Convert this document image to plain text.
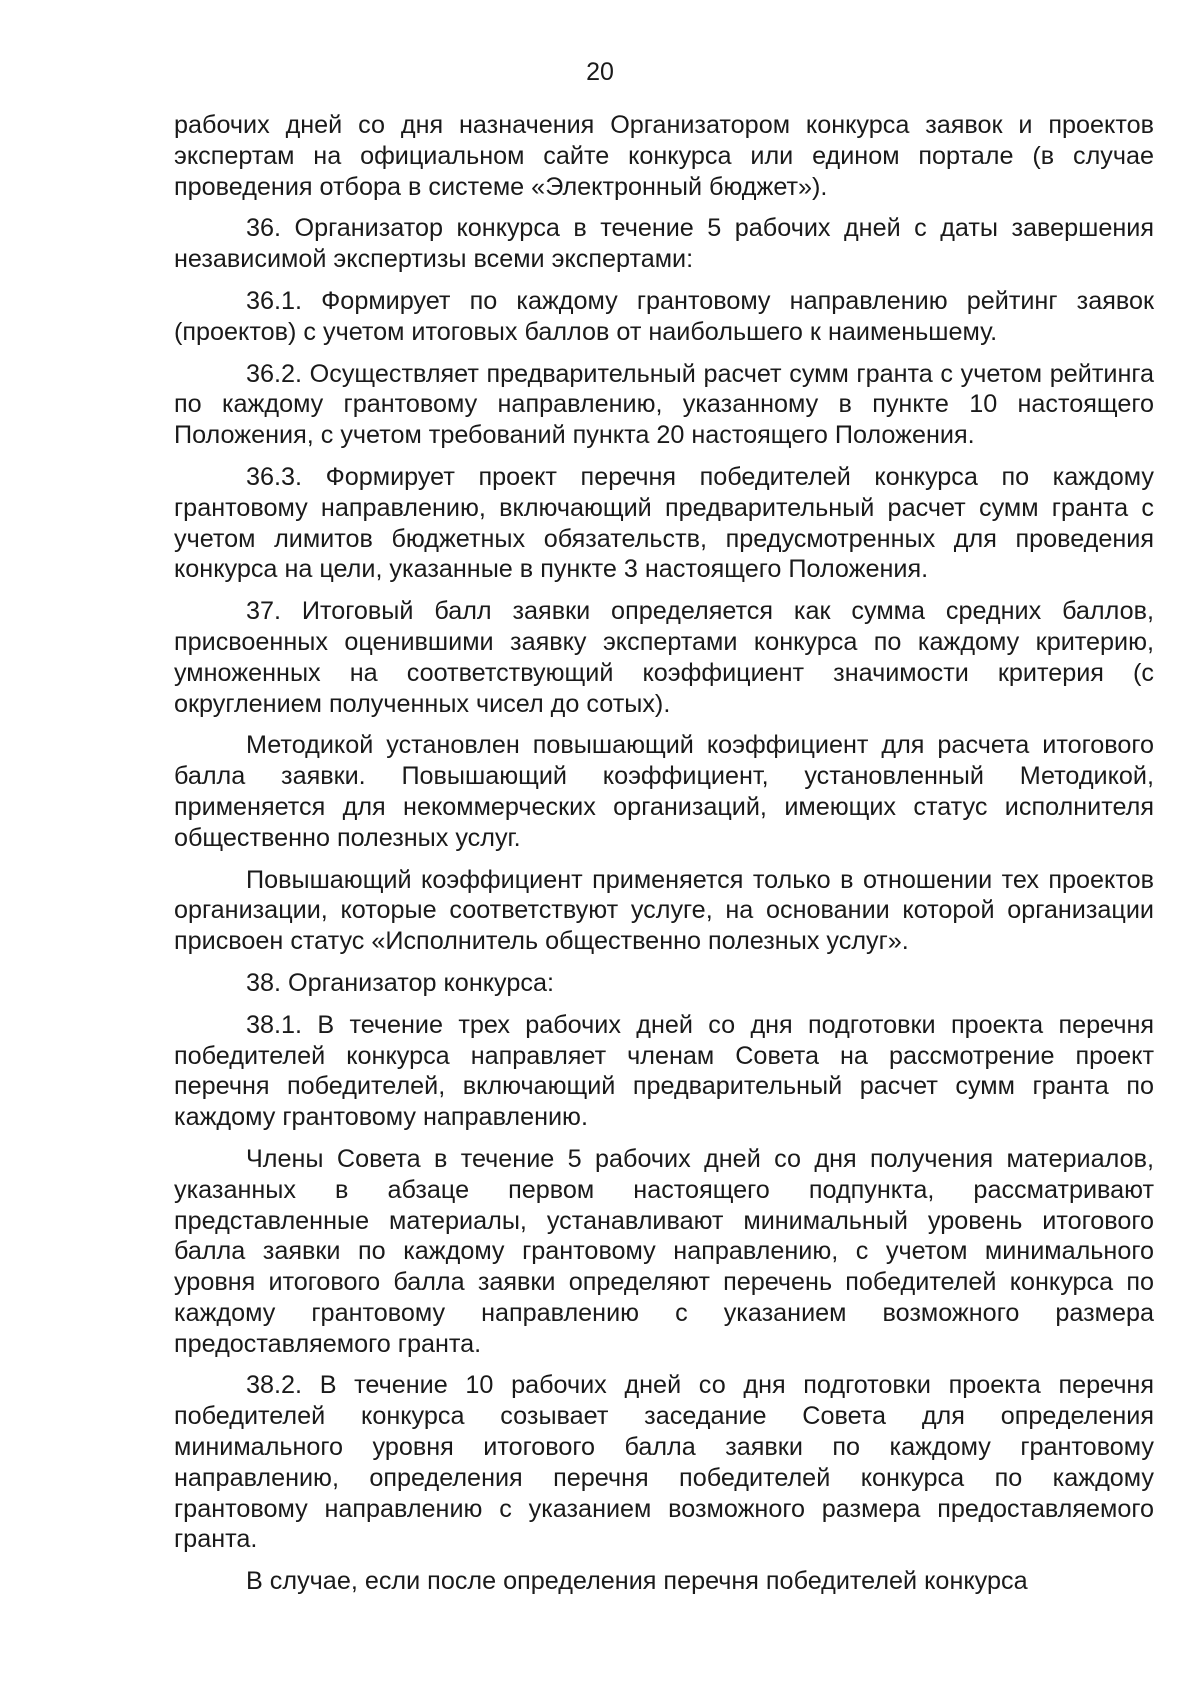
20

рабочих дней со дня назначения Организатором конкурса заявок и проектов экспертам на официальном сайте конкурса или едином портале (в случае проведения отбора в системе «Электронный бюджет»).

36. Организатор конкурса в течение 5 рабочих дней с даты завершения независимой экспертизы всеми экспертами:

36.1. Формирует по каждому грантовому направлению рейтинг заявок (проектов) с учетом итоговых баллов от наибольшего к наименьшему.

36.2. Осуществляет предварительный расчет сумм гранта с учетом рейтинга по каждому грантовому направлению, указанному в пункте 10 настоящего Положения, с учетом требований пункта 20 настоящего Положения.

36.3. Формирует проект перечня победителей конкурса по каждому грантовому направлению, включающий предварительный расчет сумм гранта с учетом лимитов бюджетных обязательств, предусмотренных для проведения конкурса на цели, указанные в пункте 3 настоящего Положения.

37. Итоговый балл заявки определяется как сумма средних баллов, присвоенных оценившими заявку экспертами конкурса по каждому критерию, умноженных на соответствующий коэффициент значимости критерия (с округлением полученных чисел до сотых).

Методикой установлен повышающий коэффициент для расчета итогового балла заявки. Повышающий коэффициент, установленный Методикой, применяется для некоммерческих организаций, имеющих статус исполнителя общественно полезных услуг.

Повышающий коэффициент применяется только в отношении тех проектов организации, которые соответствуют услуге, на основании которой организации присвоен статус «Исполнитель общественно полезных услуг».

38. Организатор конкурса:

38.1. В течение трех рабочих дней со дня подготовки проекта перечня победителей конкурса направляет членам Совета на рассмотрение проект перечня победителей, включающий предварительный расчет сумм гранта по каждому грантовому направлению.

Члены Совета в течение 5 рабочих дней со дня получения материалов, указанных в абзаце первом настоящего подпункта, рассматривают представленные материалы, устанавливают минимальный уровень итогового балла заявки по каждому грантовому направлению, с учетом минимального уровня итогового балла заявки определяют перечень победителей конкурса по каждому грантовому направлению с указанием возможного размера предоставляемого гранта.

38.2. В течение 10 рабочих дней со дня подготовки проекта перечня победителей конкурса созывает заседание Совета для определения минимального уровня итогового балла заявки по каждому грантовому направлению, определения перечня победителей конкурса по каждому грантовому направлению с указанием возможного размера предоставляемого гранта.

В случае, если после определения перечня победителей конкурса
